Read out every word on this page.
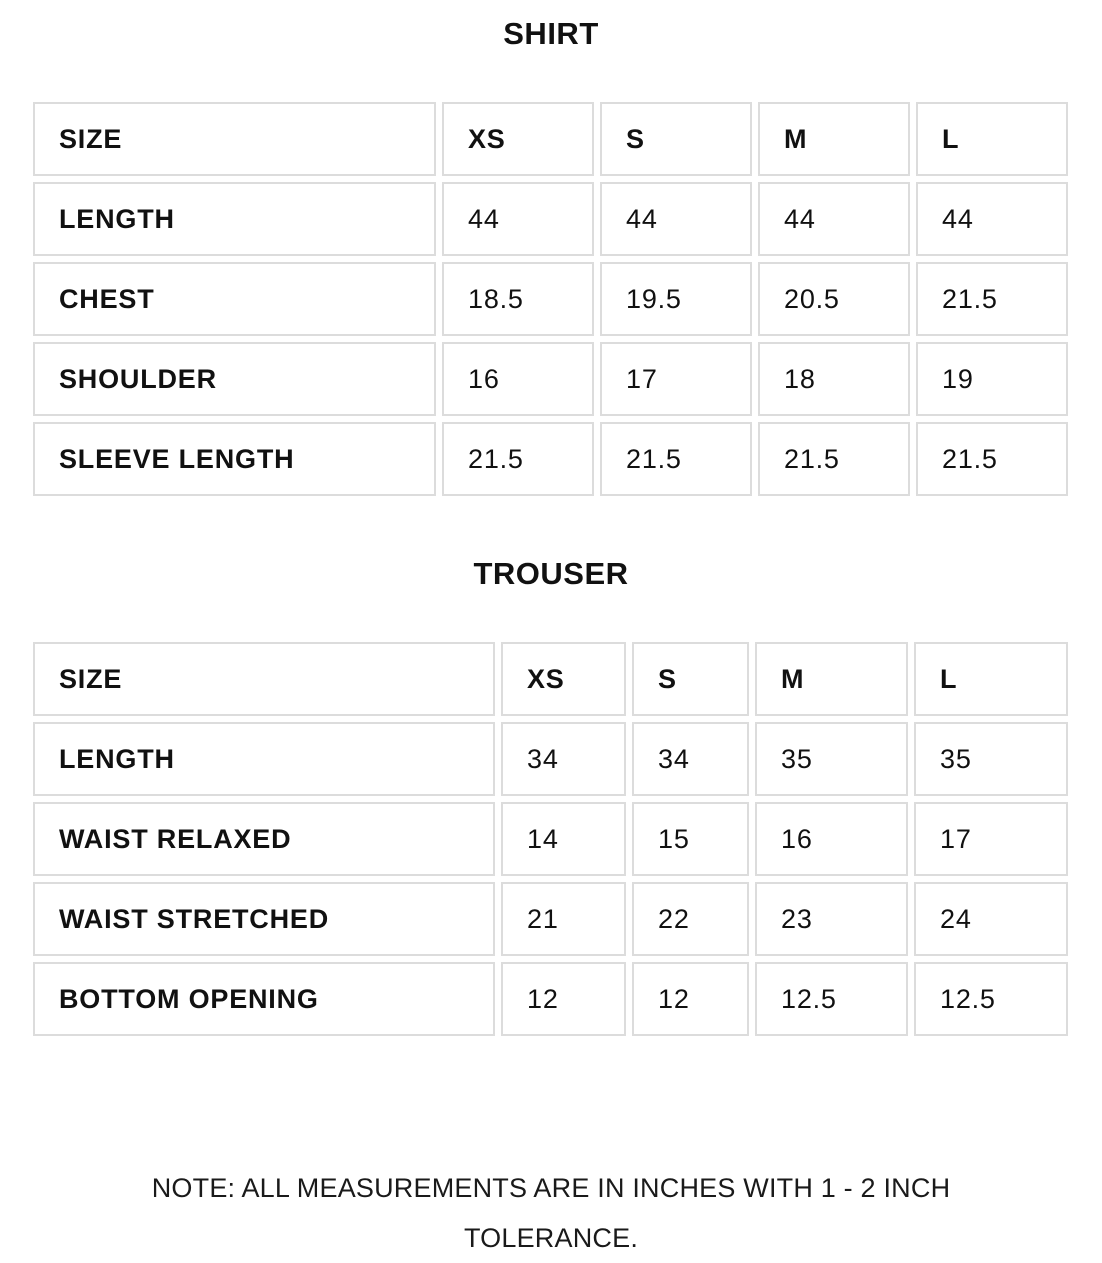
SHIRT
SIZE	XS	S	M	L
LENGTH	44	44	44	44
CHEST	18.5	19.5	20.5	21.5
SHOULDER	16	17	18	19
SLEEVE LENGTH	21.5	21.5	21.5	21.5
TROUSER
SIZE	XS	S	M	L
LENGTH	34	34	35	35
WAIST RELAXED	14	15	16	17
WAIST STRETCHED	21	22	23	24
BOTTOM OPENING	12	12	12.5	12.5

NOTE: ALL MEASUREMENTS ARE IN INCHES WITH 1 - 2 INCH
TOLERANCE.
